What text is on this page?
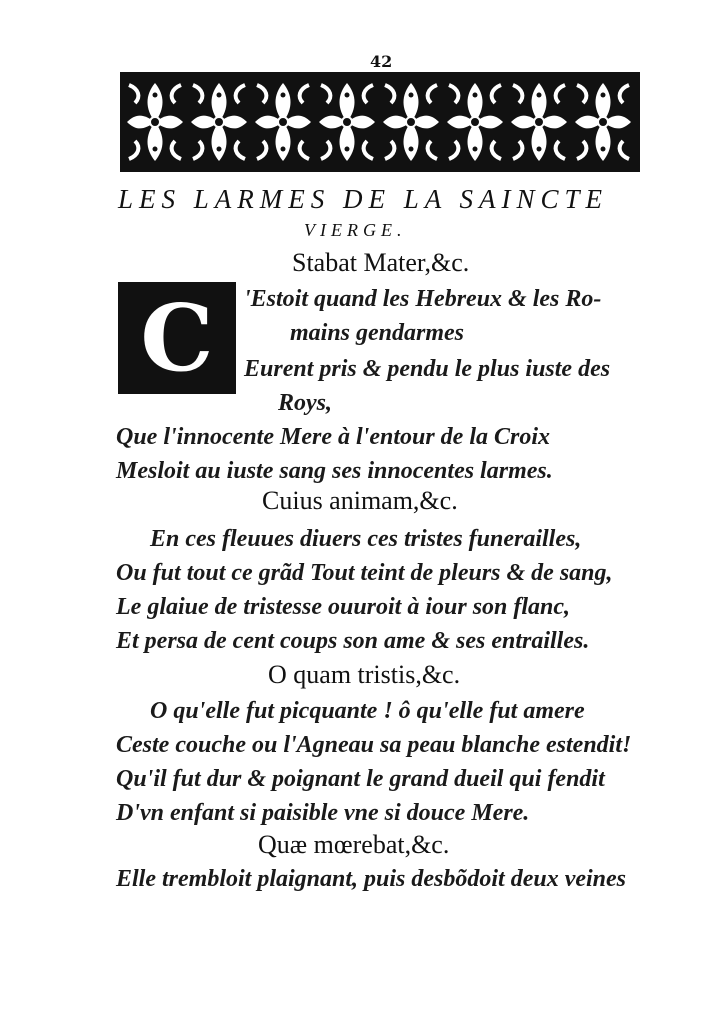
42
LES LARMES DE LA SAINCTE
VIERGE.
Stabat Mater,&c.
C	'Estoit quand les Hebreux & les Ro-
mains gendarmes
Eurent pris & pendu le plus iuste des
Roys,
Que l'innocente Mere à l'entour de la Croix
Mesloit au iuste sang ses innocentes larmes.
Cuius animam,&c.
En ces fleuues diuers ces tristes funerailles,
Ou fut tout ce grãd Tout teint de pleurs & de sang,
Le glaiue de tristesse ouuroit à iour son flanc,
Et persa de cent coups son ame & ses entrailles.
O quam tristis,&c.
O qu'elle fut picquante ! ô qu'elle fut amere
Ceste couche ou l'Agneau sa peau blanche estendit!
Qu'il fut dur & poignant le grand dueil qui fendit
D'vn enfant si paisible vne si douce Mere.
Quæ mœrebat,&c.
Elle trembloit plaignant, puis desbõdoit deux veines
